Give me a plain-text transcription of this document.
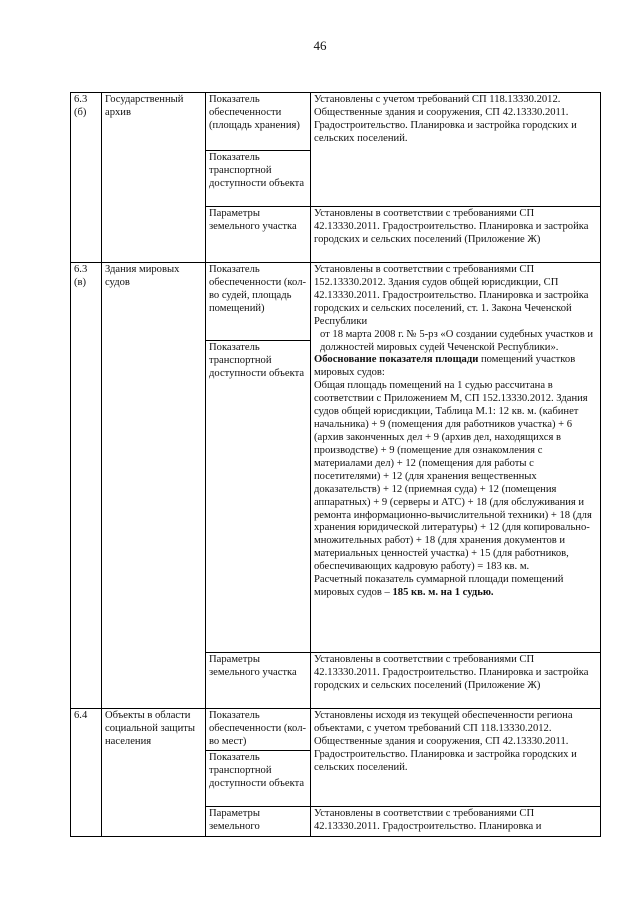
46
6.3 (б)	Государственный архив	Показатель обеспеченности (площадь хранения)	Установлены с учетом требований СП 118.13330.2012. Общественные здания и сооружения, СП 42.13330.2011. Градостроительство. Планировка и застройка городских и сельских поселений.
		Показатель транспортной доступности объекта	
		Параметры земельного участка	Установлены в соответствии с требованиями СП 42.13330.2011. Градостроительство. Планировка и застройка городских и сельских поселений (Приложение Ж)
6.3 (в)	Здания мировых судов	Показатель обеспеченности (кол-во судей, площадь помещений)	Установлены в соответствии с требованиями СП 152.13330.2012. Здания судов общей юрисдикции, СП 42.13330.2011. Градостроительство. Планировка и застройка городских и сельских поселений, ст. 1. Закона Чеченской Республики

от 18 марта 2008 г. № 5-рз «О создании судебных участков и должностей мировых судей Чеченской Республики».

Обоснование показателя площади помещений участков мировых судов:

Общая площадь помещений на 1 судью рассчитана в соответствии с Приложением М, СП 152.13330.2012. Здания судов общей юрисдикции, Таблица М.1: 12 кв. м. (кабинет начальника) + 9 (помещения для работников участка) + 6 (архив законченных дел + 9 (архив дел, находящихся в производстве) + 9 (помещение для ознакомления с материалами дел) + 12 (помещения для работы с посетителями) + 12 (для хранения вещественных доказательств) + 12 (приемная суда) + 12 (помещения аппаратных) + 9 (серверы и АТС) + 18 (для обслуживания и ремонта информационно-вычислительной техники) + 18 (для хранения юридической литературы) + 12 (для копировально-множительных работ) + 18 (для хранения документов и материальных ценностей участка) + 15 (для работников, обеспечивающих кадровую работу) = 183 кв. м.

Расчетный показатель суммарной площади помещений мировых судов – 185 кв. м. на 1 судью.

		Показатель транспортной доступности объекта	
		Параметры земельного участка	Установлены в соответствии с требованиями СП 42.13330.2011. Градостроительство. Планировка и застройка городских и сельских поселений (Приложение Ж)
6.4	Объекты в области социальной защиты населения	Показатель обеспеченности (кол-во мест)	Установлены исходя из текущей обеспеченности региона объектами, с учетом требований СП 118.13330.2012. Общественные здания и сооружения, СП 42.13330.2011. Градостроительство. Планировка и застройка городских и сельских поселений.
		Показатель транспортной доступности объекта	
		Параметры земельного	Установлены в соответствии с требованиями СП 42.13330.2011. Градостроительство. Планировка и
